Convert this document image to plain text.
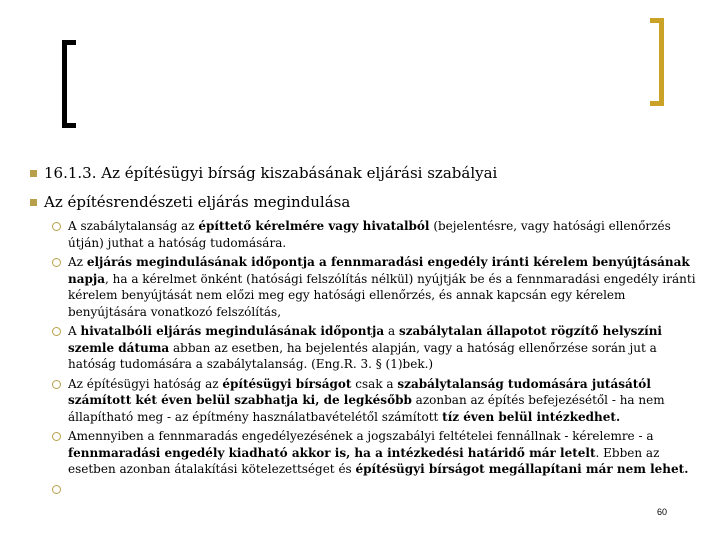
16.1.3. Az építésügyi bírság kiszabásának eljárási szabályai
Az építésrendészeti eljárás megindulása
A szabálytalanság az építtető kérelmére vagy hivatalból (bejelentésre, vagy hatósági ellenőrzés útján) juthat a hatóság tudomására.
Az eljárás megindulásának időpontja a fennmaradási engedély iránti kérelem benyújtásának napja, ha a kérelmet önként (hatósági felszólítás nélkül) nyújtják be és a fennmaradási engedély iránti kérelem benyújtását nem előzi meg egy hatósági ellenőrzés, és annak kapcsán egy kérelem benyújtására vonatkozó felszólítás,
A hivatalbóli eljárás megindulásának időpontja a szabálytalan állapotot rögzítő helyszíni szemle dátuma abban az esetben, ha bejelentés alapján, vagy a hatóság ellenőrzése során jut a hatóság tudomására a szabálytalanság. (Eng.R. 3. § (1)bek.)
Az építésügyi hatóság az építésügyi bírságot csak a szabálytalanság tudomására jutásától számított két éven belül szabhatja ki, de legkésőbb azonban az építés befejezésétől - ha nem állapítható meg - az építmény használatbavételétől számított tíz éven belül intézkedhet.
Amennyiben a fennmaradás engedélyezésének a jogszabályi feltételei fennállnak - kérelemre - a fennmaradási engedély kiadható akkor is, ha a intézkedési határidő már letelt. Ebben az esetben azonban átalakítási kötelezettséget és építésügyi bírságot megállapítani már nem lehet.
60
